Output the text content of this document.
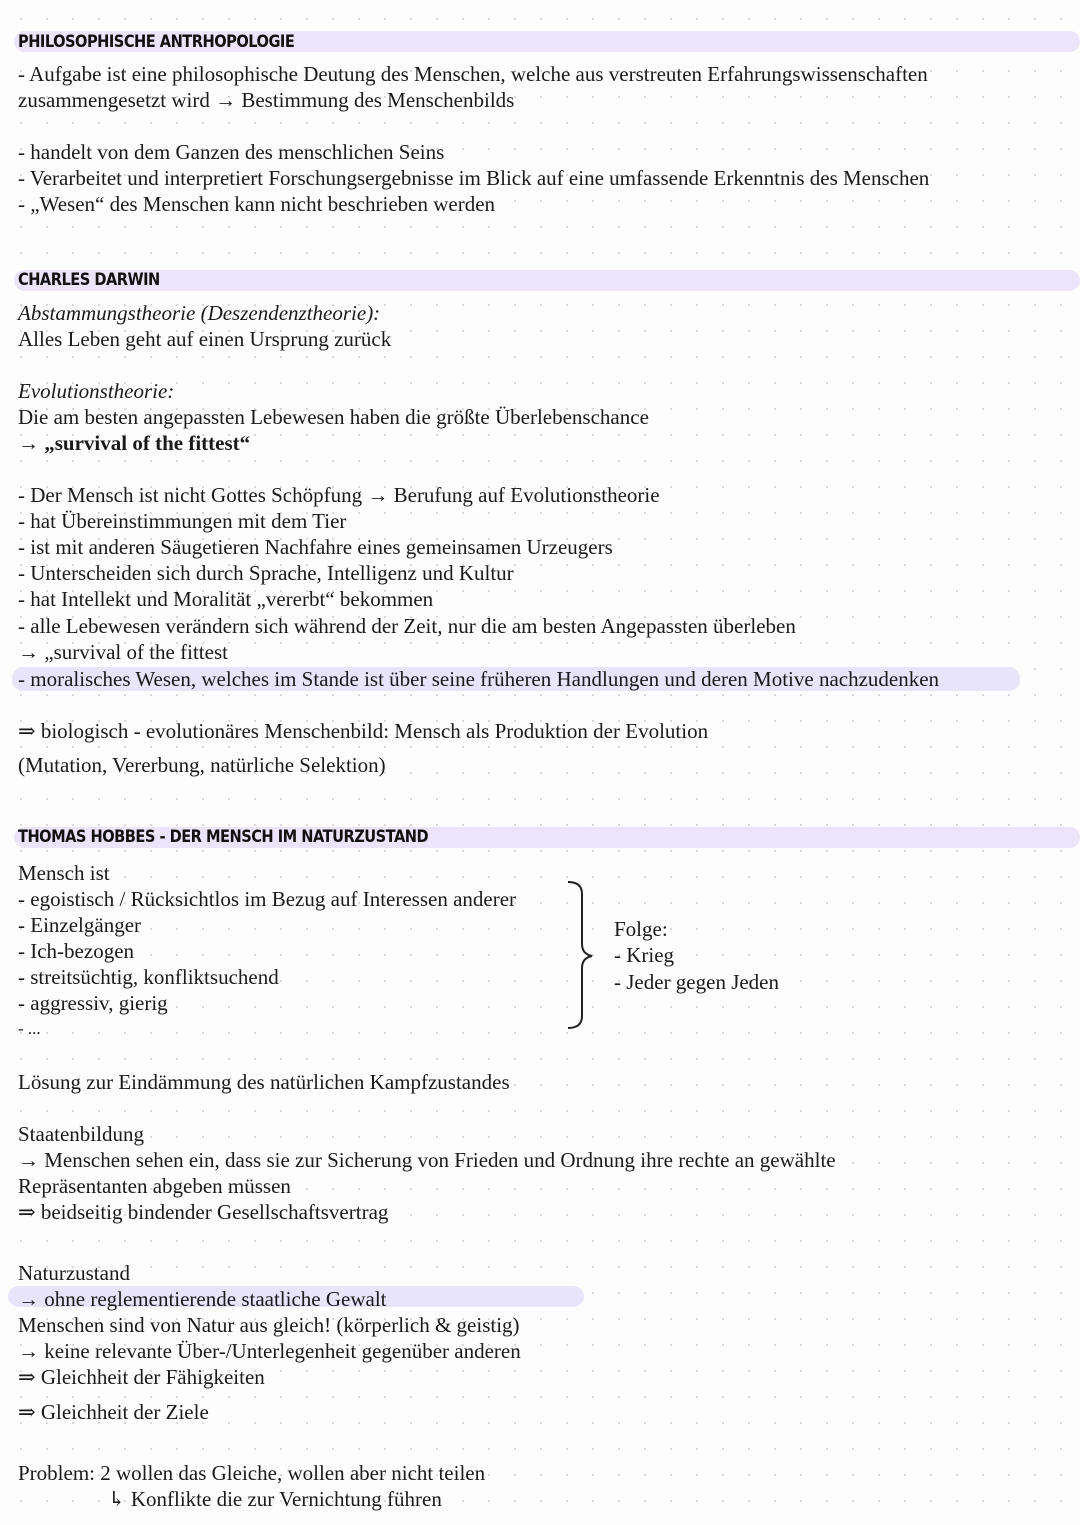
PHILOSOPHISCHE ANTRHOPOLOGIE
- Aufgabe ist eine philosophische Deutung des Menschen, welche aus verstreuten Erfahrungswissenschaften
zusammengesetzt wird → Bestimmung des Menschenbilds
- handelt von dem Ganzen des menschlichen Seins
- Verarbeitet und interpretiert Forschungsergebnisse im Blick auf eine umfassende Erkenntnis des Menschen
- „Wesen“ des Menschen kann nicht beschrieben werden
CHARLES DARWIN
Abstammungstheorie (Deszendenztheorie):
Alles Leben geht auf einen Ursprung zurück
Evolutionstheorie:
Die am besten angepassten Lebewesen haben die größte Überlebenschance
→ „survival of the fittest“
- Der Mensch ist nicht Gottes Schöpfung → Berufung auf Evolutionstheorie
- hat Übereinstimmungen mit dem Tier
- ist mit anderen Säugetieren Nachfahre eines gemeinsamen Urzeugers
- Unterscheiden sich durch Sprache, Intelligenz und Kultur
- hat Intellekt und Moralität „vererbt“ bekommen
- alle Lebewesen verändern sich während der Zeit, nur die am besten Angepassten überleben
→ „survival of the fittest
- moralisches Wesen, welches im Stande ist über seine früheren Handlungen und deren Motive nachzudenken
⇒ biologisch - evolutionäres Menschenbild: Mensch als Produktion der Evolution
(Mutation, Vererbung, natürliche Selektion)
THOMAS HOBBES - DER MENSCH IM NATURZUSTAND
Mensch ist
- egoistisch / Rücksichtlos im Bezug auf Interessen anderer
- Einzelgänger
- Ich-bezogen
- streitsüchtig, konfliktsuchend
- aggressiv, gierig
- ...
Folge:
- Krieg
- Jeder gegen Jeden
Lösung zur Eindämmung des natürlichen Kampfzustandes
Staatenbildung
→ Menschen sehen ein, dass sie zur Sicherung von Frieden und Ordnung ihre rechte an gewählte
Repräsentanten abgeben müssen
⇒ beidseitig bindender Gesellschaftsvertrag
Naturzustand
→ ohne reglementierende staatliche Gewalt
Menschen sind von Natur aus gleich! (körperlich & geistig)
→ keine relevante Über-/Unterlegenheit gegenüber anderen
⇒ Gleichheit der Fähigkeiten
⇒ Gleichheit der Ziele
Problem: 2 wollen das Gleiche, wollen aber nicht teilen
↳ Konflikte die zur Vernichtung führen
